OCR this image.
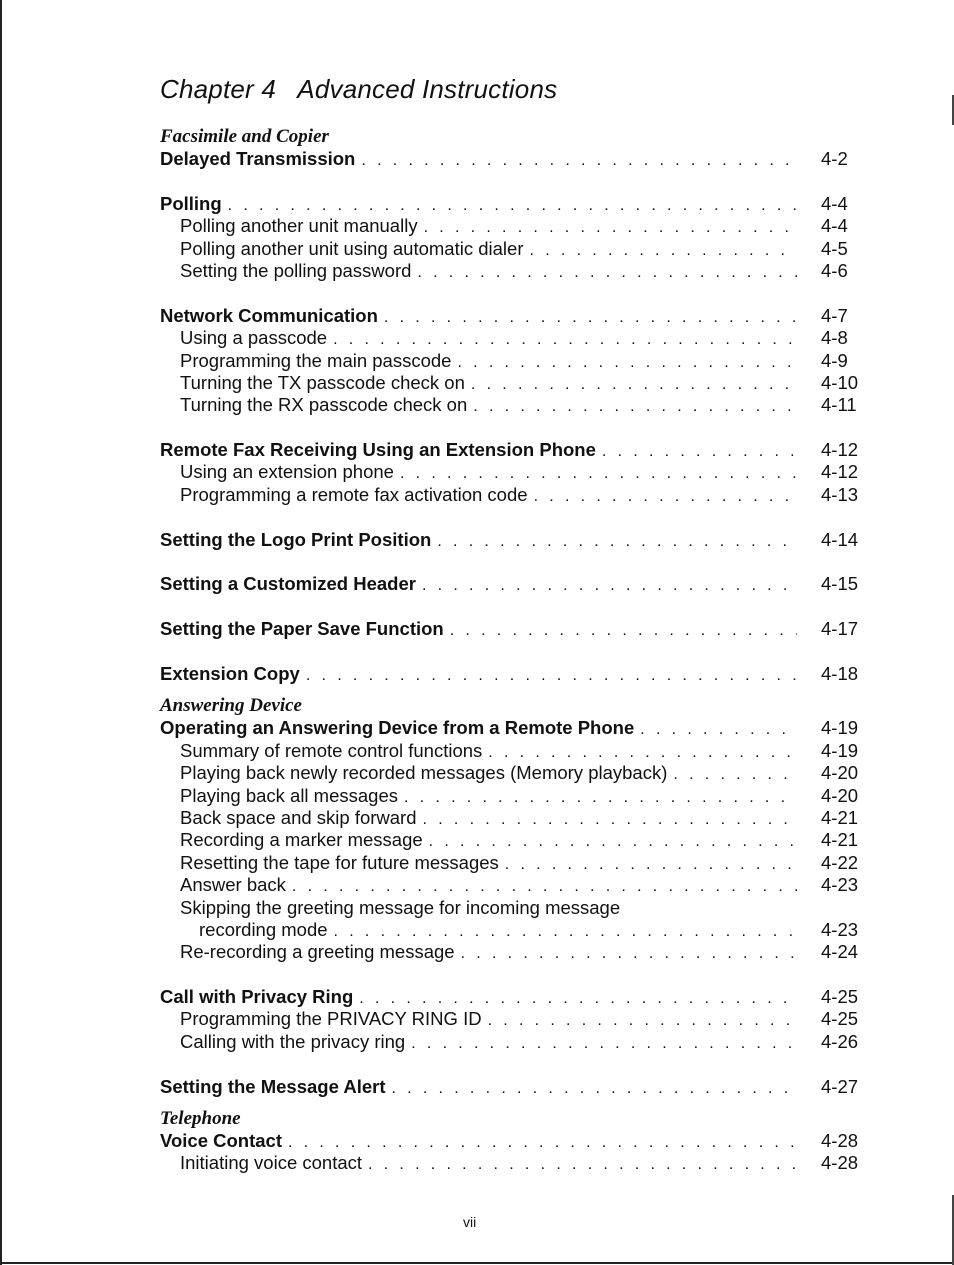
Chapter 4 Advanced Instructions
Facsimile and Copier
Delayed Transmission . . .	4-2
Polling . . .	4-4
Polling another unit manually . . .	4-4
Polling another unit using automatic dialer . . .	4-5
Setting the polling password . . .	4-6
Network Communication . . .	4-7
Using a passcode . . .	4-8
Programming the main passcode . . .	4-9
Turning the TX passcode check on . . .	4-10
Turning the RX passcode check on . . .	4-11
Remote Fax Receiving Using an Extension Phone . . .	4-12
Using an extension phone . . .	4-12
Programming a remote fax activation code . . .	4-13
Setting the Logo Print Position . . .	4-14
Setting a Customized Header . . .	4-15
Setting the Paper Save Function . . .	4-17
Extension Copy . . .	4-18
Answering Device
Operating an Answering Device from a Remote Phone . . .	4-19
Summary of remote control functions . . .	4-19
Playing back newly recorded messages (Memory playback) . . .	4-20
Playing back all messages . . .	4-20
Back space and skip forward . . .	4-21
Recording a marker message . . .	4-21
Resetting the tape for future messages . . .	4-22
Answer back . . .	4-23
Skipping the greeting message for incoming message
recording mode . . .	4-23
Re-recording a greeting message . . .	4-24
Call with Privacy Ring . . .	4-25
Programming the PRIVACY RING ID . . .	4-25
Calling with the privacy ring . . .	4-26
Setting the Message Alert . . .	4-27
Telephone
Voice Contact . . .	4-28
Initiating voice contact . . .	4-28
vii
